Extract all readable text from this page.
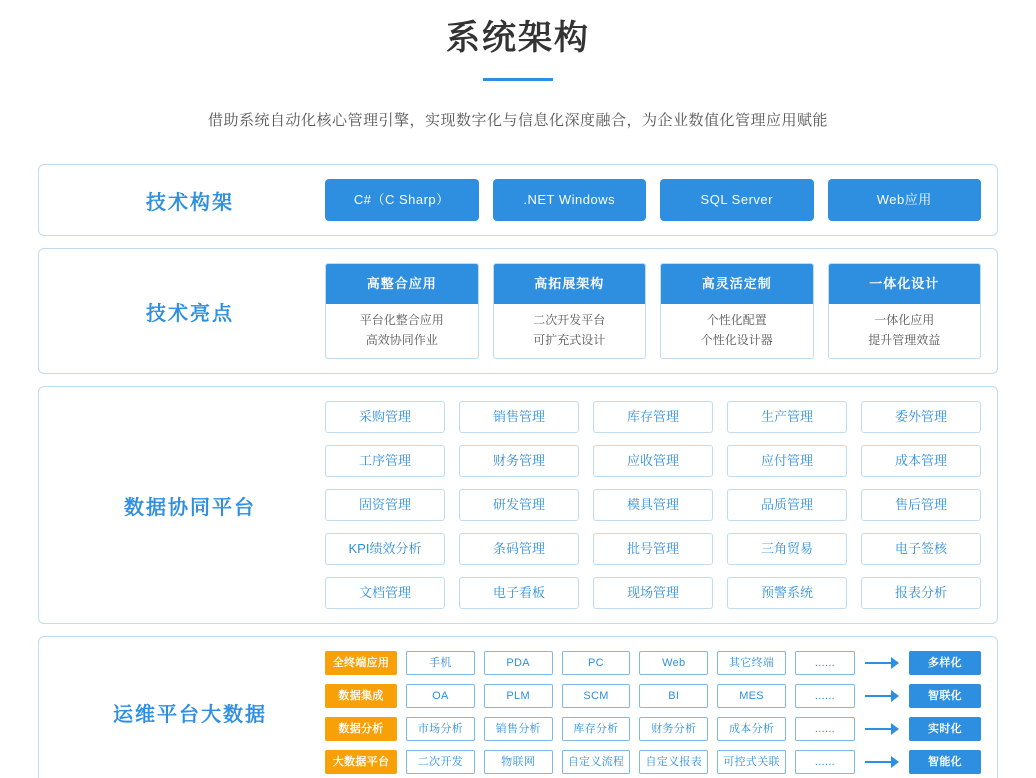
系统架构
借助系统自动化核心管理引擎，实现数字化与信息化深度融合，为企业数值化管理应用赋能
技术构架	C#（C Sharp）	.NET Windows	SQL Server	Web应用
技术亮点
高整合应用
平台化整合应用
高效协同作业
高拓展架构
二次开发平台
可扩充式设计
高灵活定制
个性化配置
个性化设计器
一体化设计
一体化应用
提升管理效益
数据协同平台
采购管理	销售管理	库存管理	生产管理	委外管理
工序管理	财务管理	应收管理	应付管理	成本管理
固资管理	研发管理	模具管理	品质管理	售后管理
KPI绩效分析	条码管理	批号管理	三角贸易	电子签核
文档管理	电子看板	现场管理	预警系统	报表分析
运维平台大数据
全终端应用	手机	PDA	PC	Web	其它终端	......	多样化
数据集成	OA	PLM	SCM	BI	MES	......	智联化
数据分析	市场分析	销售分析	库存分析	财务分析	成本分析	......	实时化
大数据平台	二次开发	物联网	自定义流程	自定义报表	可控式关联	......	智能化
